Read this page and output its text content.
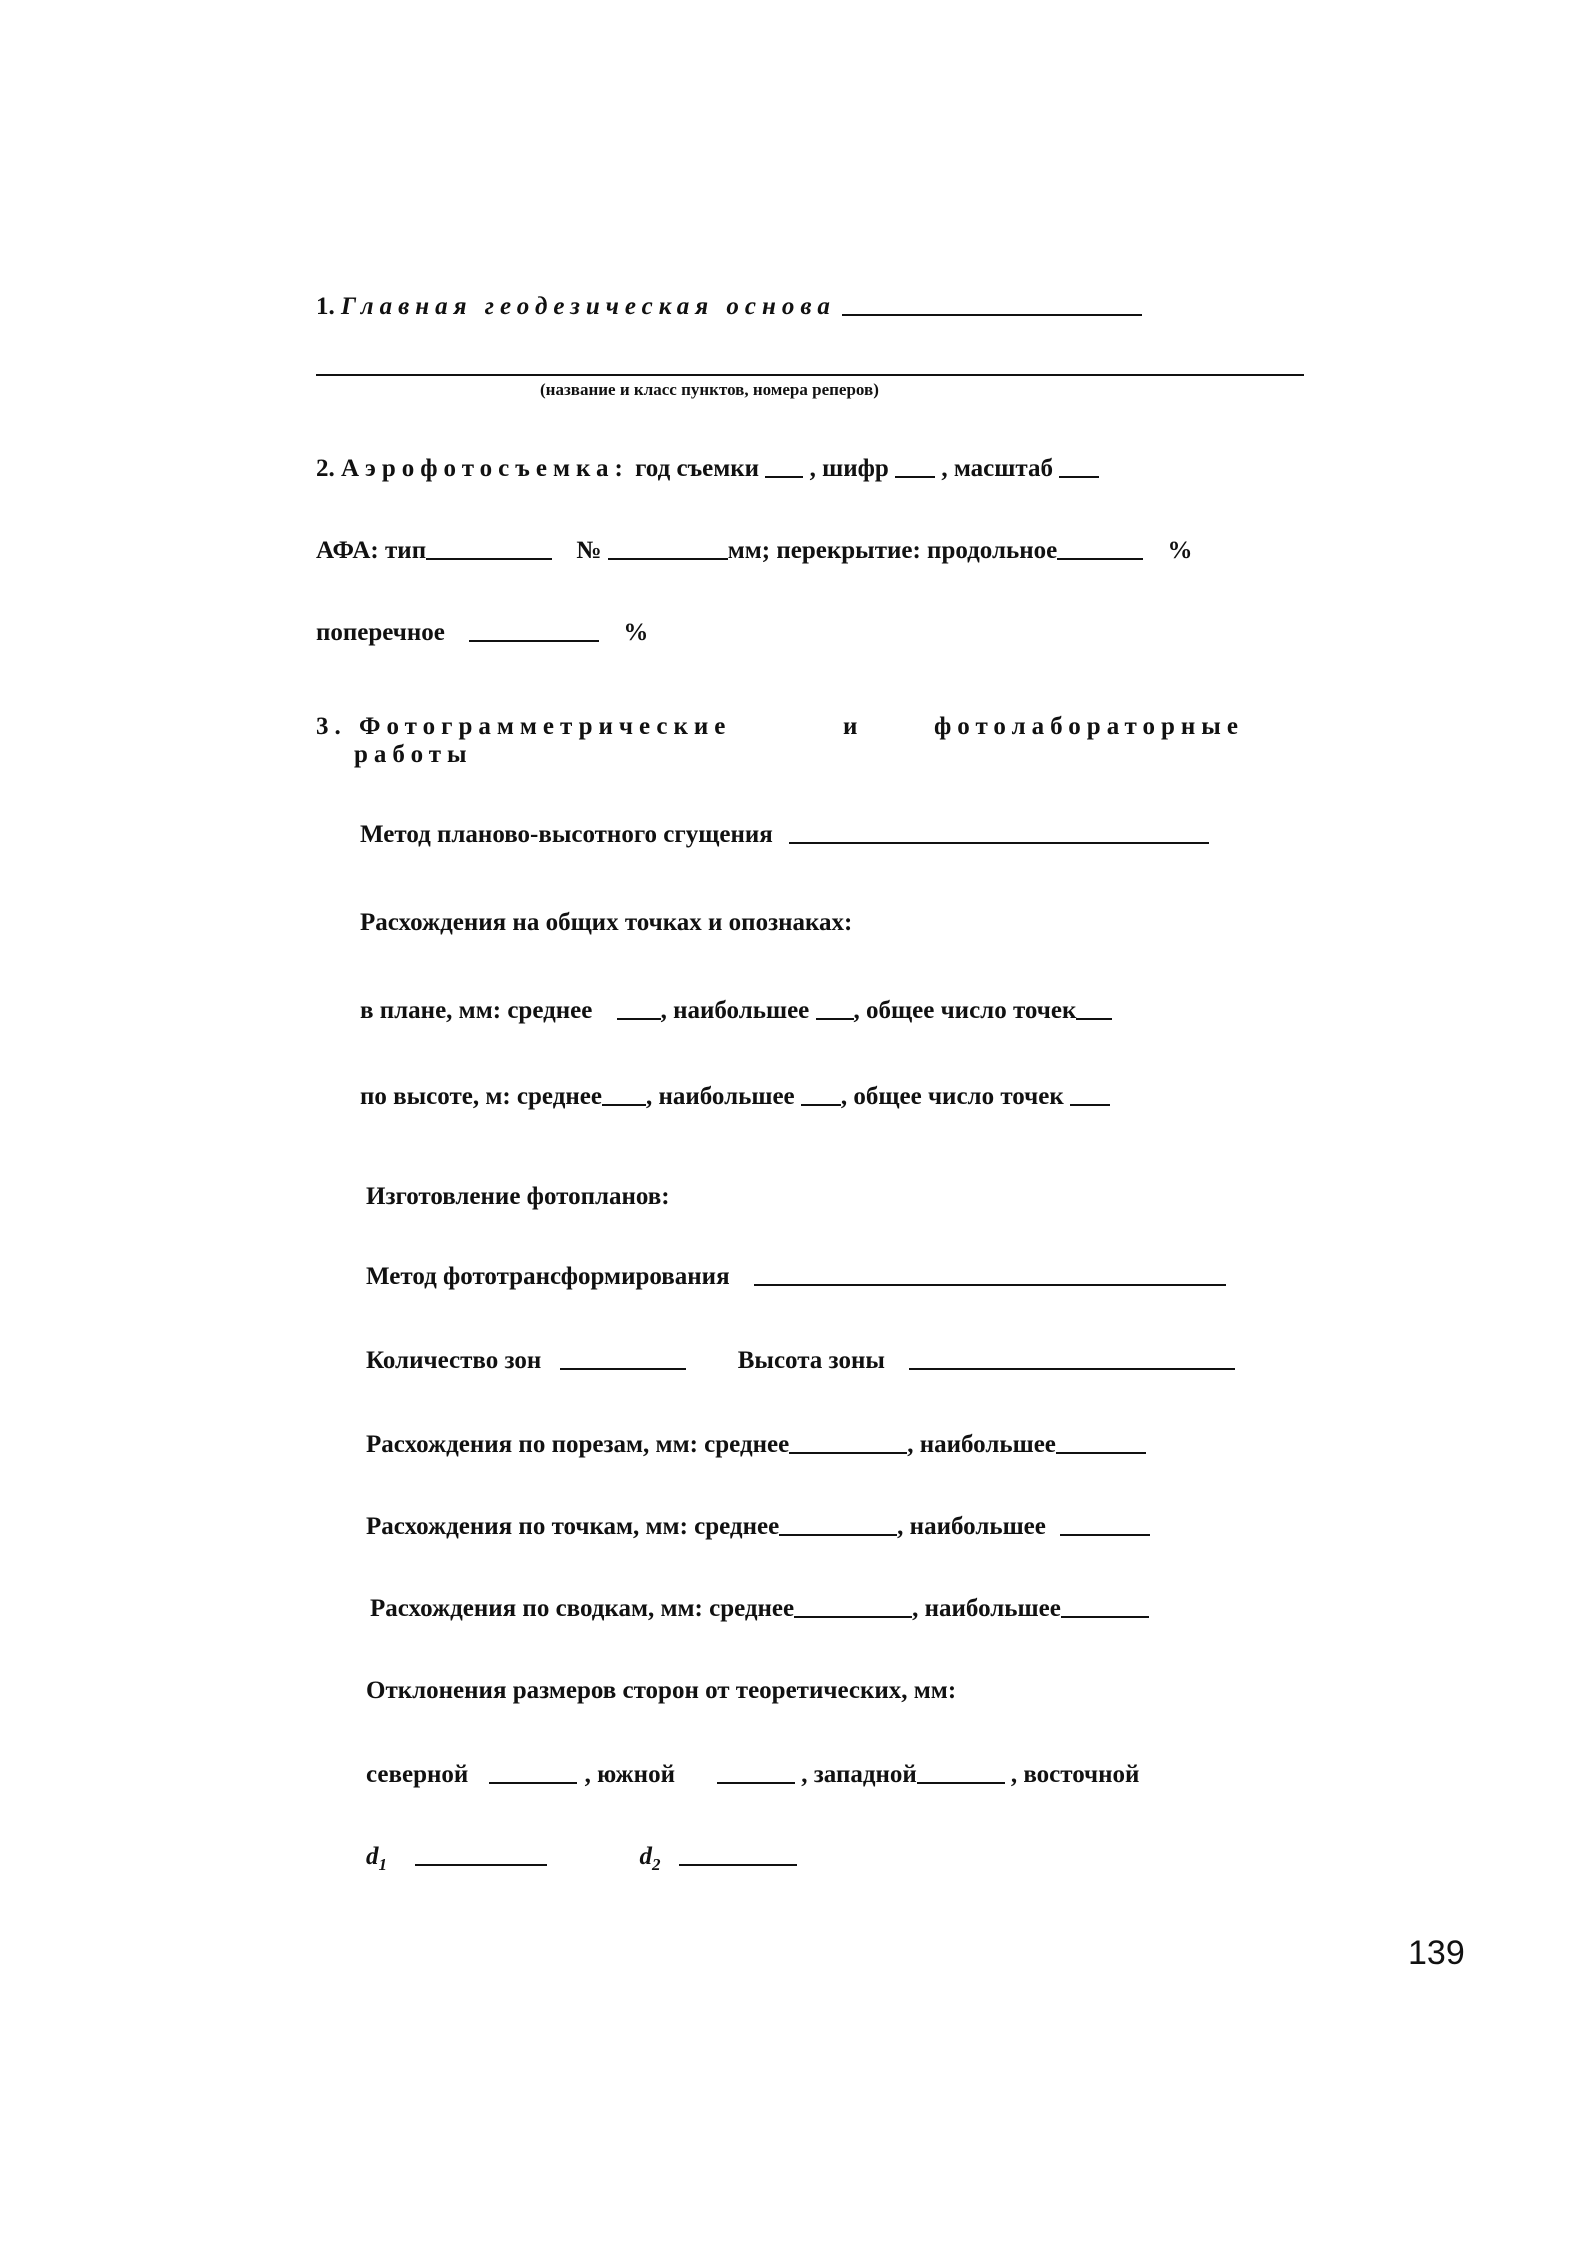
1. Главная геодезическая основа
(название и класс пунктов, номера реперов)
2. Аэрофотосъемка: год съемки , шифр , масштаб
АФА: тип	№	мм; перекрытие: продольное	%
поперечное	%
3. Фотограмметрические	и	фотолабораторные
работы
Метод планово-высотного сгущения
Расхождения на общих точках и опознаках:
в плане, мм: среднее	, наибольшее , общее число точек
по высоте, м: среднее , наибольшее , общее число точек
Изготовление фотопланов:
Метод фототрансформирования
Количество зон	Высота зоны
Расхождения по порезам, мм: среднее	, наибольшее
Расхождения по точкам, мм: среднее	, наибольшее
Расхождения по сводкам, мм: среднее	, наибольшее
Отклонения размеров сторон от теоретических, мм:
северной	, южной	, западной	, восточной
$d_1$	$d_2$
139
